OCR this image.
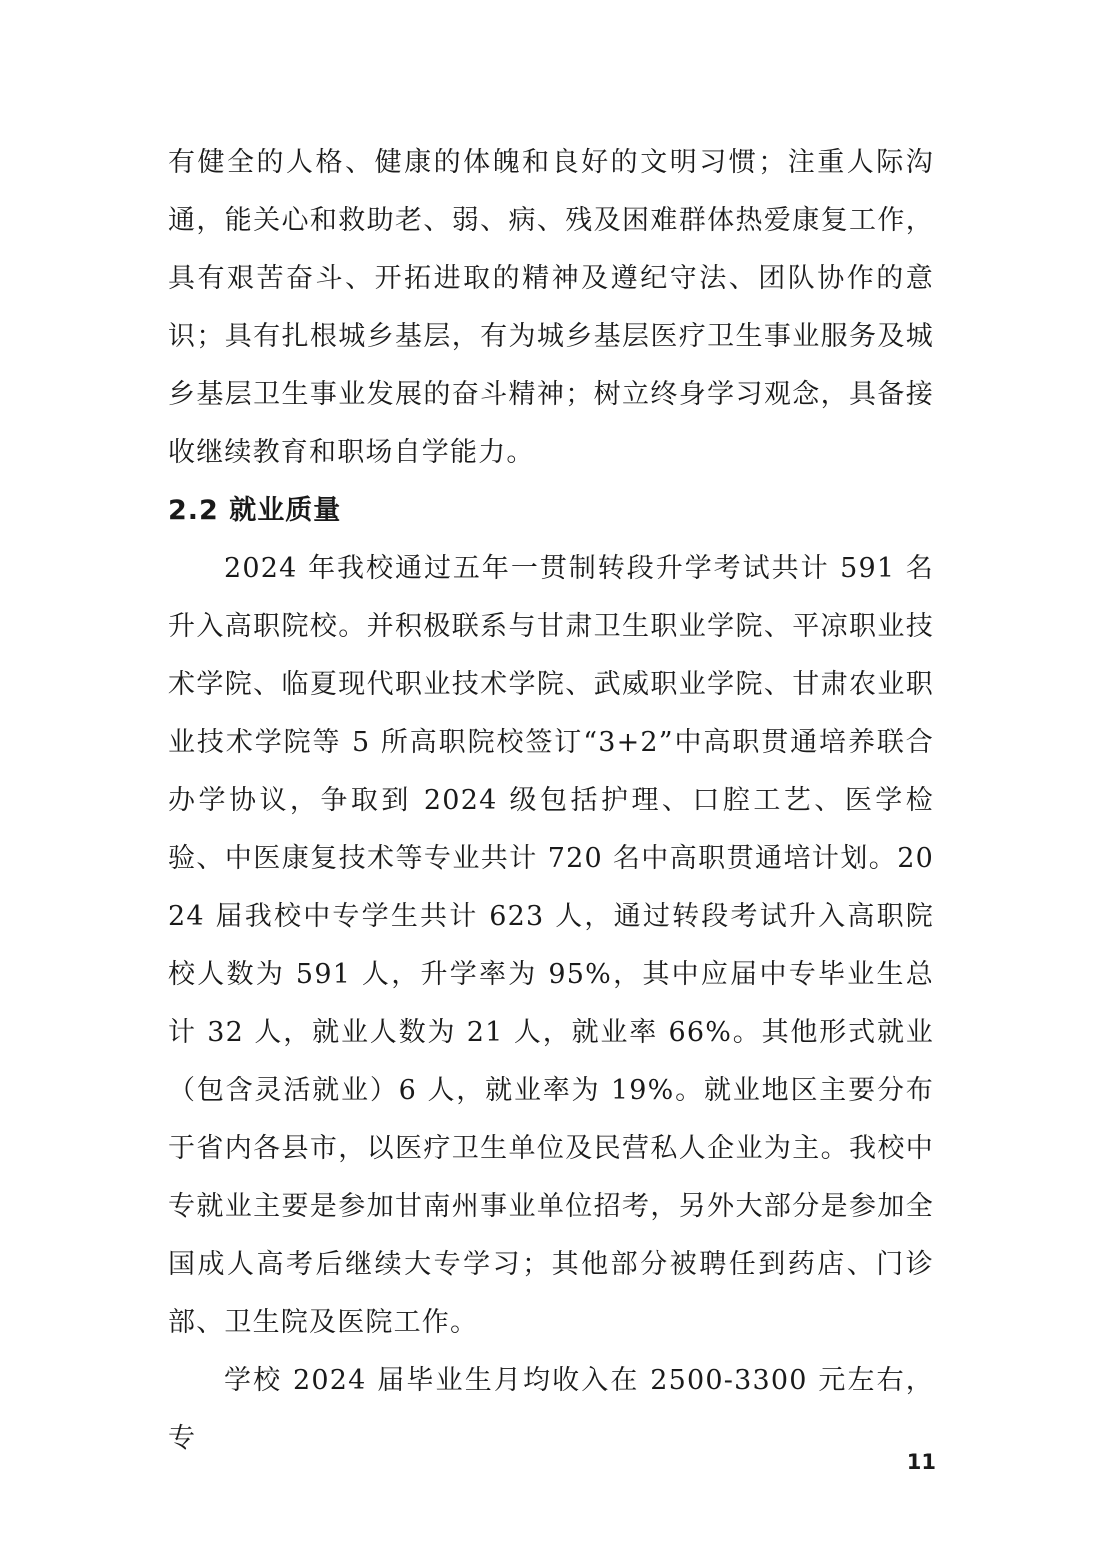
有健全的人格、健康的体魄和良好的文明习惯；注重人际沟通，能关心和救助老、弱、病、残及困难群体热爱康复工作，具有艰苦奋斗、开拓进取的精神及遵纪守法、团队协作的意识；具有扎根城乡基层，有为城乡基层医疗卫生事业服务及城乡基层卫生事业发展的奋斗精神；树立终身学习观念，具备接收继续教育和职场自学能力。

2.2 就业质量

2024 年我校通过五年一贯制转段升学考试共计 591 名升入高职院校。并积极联系与甘肃卫生职业学院、平凉职业技术学院、临夏现代职业技术学院、武威职业学院、甘肃农业职业技术学院等 5 所高职院校签订“3+2”中高职贯通培养联合办学协议，争取到 2024 级包括护理、口腔工艺、医学检验、中医康复技术等专业共计 720 名中高职贯通培计划。2024 届我校中专学生共计 623 人，通过转段考试升入高职院校人数为 591 人，升学率为 95%，其中应届中专毕业生总计 32 人，就业人数为 21 人，就业率 66%。其他形式就业（包含灵活就业）6 人，就业率为 19%。就业地区主要分布于省内各县市，以医疗卫生单位及民营私人企业为主。我校中专就业主要是参加甘南州事业单位招考，另外大部分是参加全国成人高考后继续大专学习；其他部分被聘任到药店、门诊部、卫生院及医院工作。

学校 2024 届毕业生月均收入在 2500-3300 元左右，专

11
